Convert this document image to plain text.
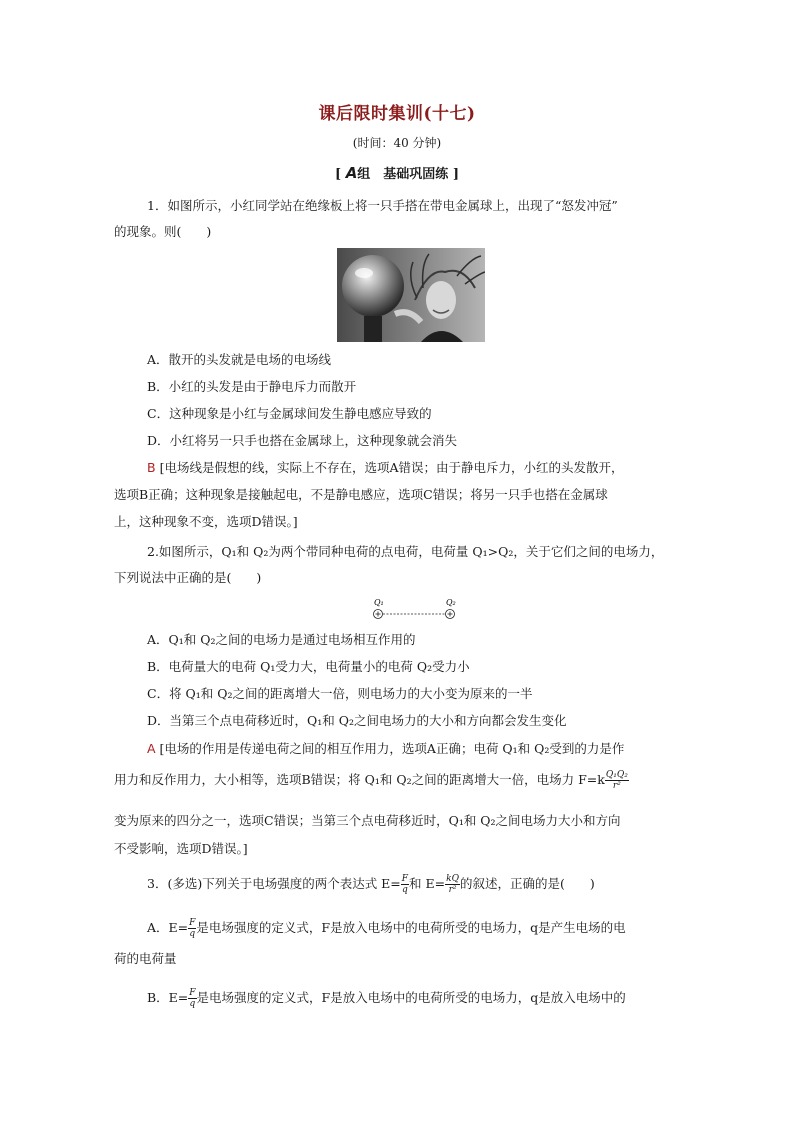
课后限时集训(十七)
(时间：40 分钟)
[ A组　基础巩固练 ]
1．如图所示，小红同学站在绝缘板上将一只手搭在带电金属球上，出现了“怒发冲冠”
的现象。则(　　)
A．散开的头发就是电场的电场线
B．小红的头发是由于静电斥力而散开
C．这种现象是小红与金属球间发生静电感应导致的
D．小红将另一只手也搭在金属球上，这种现象就会消失
B [电场线是假想的线，实际上不存在，选项A错误；由于静电斥力，小红的头发散开，
选项B正确；这种现象是接触起电，不是静电感应，选项C错误；将另一只手也搭在金属球
上，这种现象不变，选项D错误。]
2.如图所示，Q₁和 Q₂为两个带同种电荷的点电荷，电荷量 Q₁>Q₂，关于它们之间的电场力，
下列说法中正确的是(　　)
Q₁	Q₂
A．Q₁和 Q₂之间的电场力是通过电场相互作用的
B．电荷量大的电荷 Q₁受力大，电荷量小的电荷 Q₂受力小
C．将 Q₁和 Q₂之间的距离增大一倍，则电场力的大小变为原来的一半
D．当第三个点电荷移近时，Q₁和 Q₂之间电场力的大小和方向都会发生变化
A [电场的作用是传递电荷之间的相互作用力，选项A正确；电荷 Q₁和 Q₂受到的力是作
用力和反作用力，大小相等，选项B错误；将 Q₁和 Q₂之间的距离增大一倍，电场力 $F=k \frac{\text{Q₁Q₂}}{\text{r²}}$
变为原来的四分之一，选项C错误；当第三个点电荷移近时，Q₁和 Q₂之间电场力大小和方向
不受影响，选项D错误。]
3．(多选)下列关于电场强度的两个表达式 $E= \frac{F}{q}$ 和 $E= \frac{kQ}{\text{r²}}$ 的叙述，正确的是(　　)
A．$E= \frac{F}{q}$ 是电场强度的定义式，F是放入电场中的电荷所受的电场力，q是产生电场的电
荷的电荷量
B．$E= \frac{F}{q}$ 是电场强度的定义式，F是放入电场中的电荷所受的电场力，q是放入电场中的
